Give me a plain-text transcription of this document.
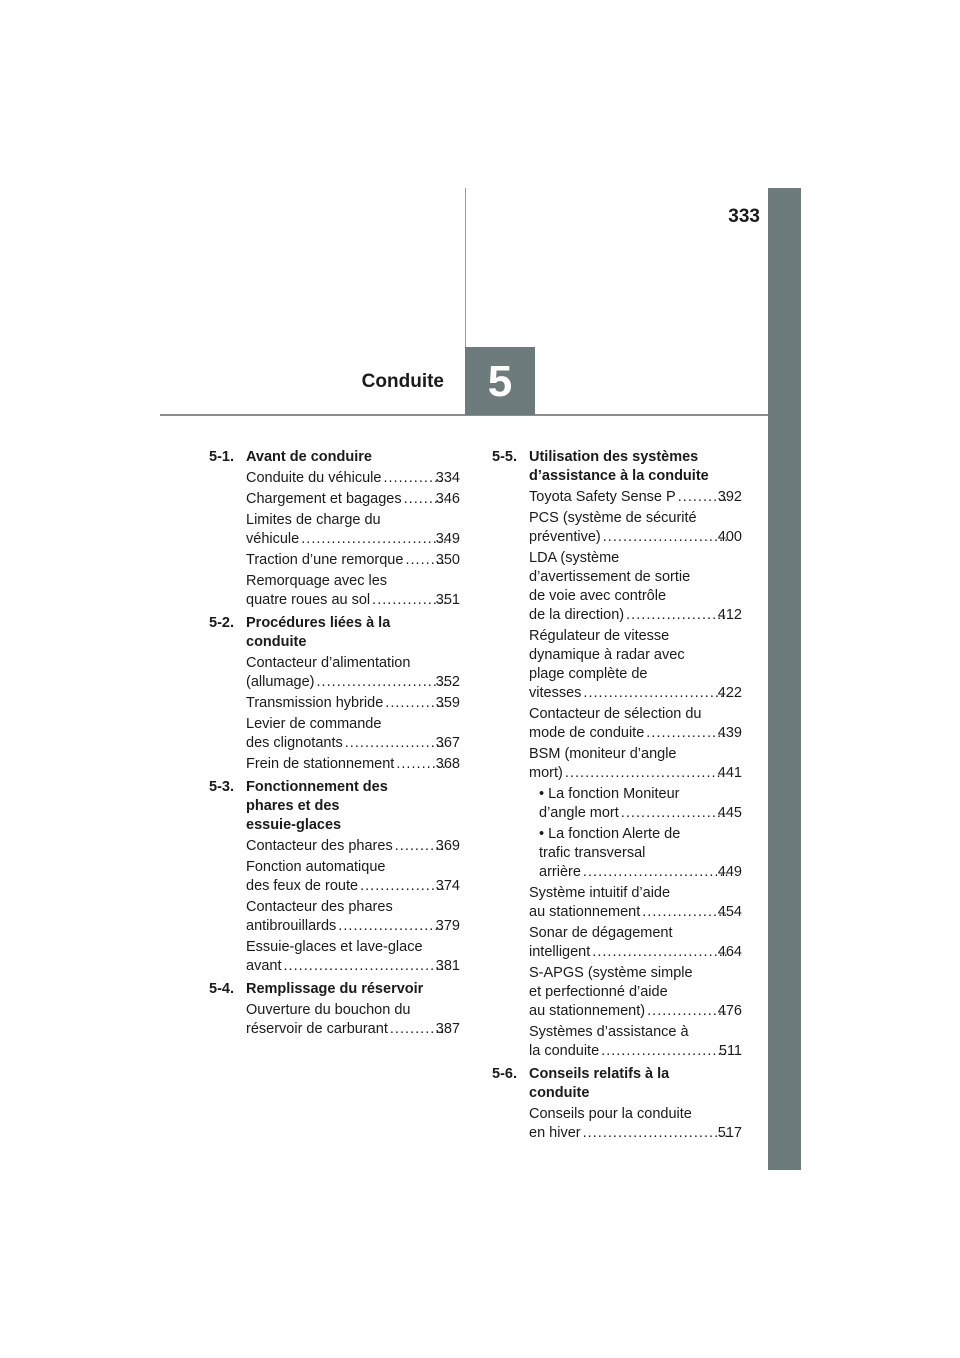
333
5
Conduite
5-1. Avant de conduire
Conduite du véhicule . . .	334
Chargement et bagages . . . 346
Limites de charge du
véhicule . . .	349
Traction d’une remorque . . . 350
Remorquage avec les
quatre roues au sol . . .	351
5-2. Procédures liées à la
conduite
Contacteur d’alimentation
(allumage) . . .	352
Transmission hybride . . .	359
Levier de commande
des clignotants . . .	367
Frein de stationnement . . .	368
5-3. Fonctionnement des
phares et des
essuie-glaces
Contacteur des phares . . .	369
Fonction automatique
des feux de route . . .	374
Contacteur des phares
antibrouillards . . .	379
Essuie-glaces et lave-glace
avant . . .	381
5-4. Remplissage du réservoir
Ouverture du bouchon du
réservoir de carburant . . .	387
5-5. Utilisation des systèmes
d’assistance à la conduite
Toyota Safety Sense P . . .	392
PCS (système de sécurité
préventive) . . .	400
LDA (système
d’avertissement de sortie
de voie avec contrôle
de la direction) . . .	412
Régulateur de vitesse
dynamique à radar avec
plage complète de
vitesses . . .	422
Contacteur de sélection du
mode de conduite . . .	439
BSM (moniteur d’angle
mort) . . .	441
• La fonction Moniteur
d’angle mort . . .	445
• La fonction Alerte de
trafic transversal
arrière . . .	449
Système intuitif d’aide
au stationnement . . .	454
Sonar de dégagement
intelligent . . .	464
S-APGS (système simple
et perfectionné d’aide
au stationnement) . . .	476
Systèmes d’assistance à
la conduite . . .	511
5-6. Conseils relatifs à la
conduite
Conseils pour la conduite
en hiver . . .	517
